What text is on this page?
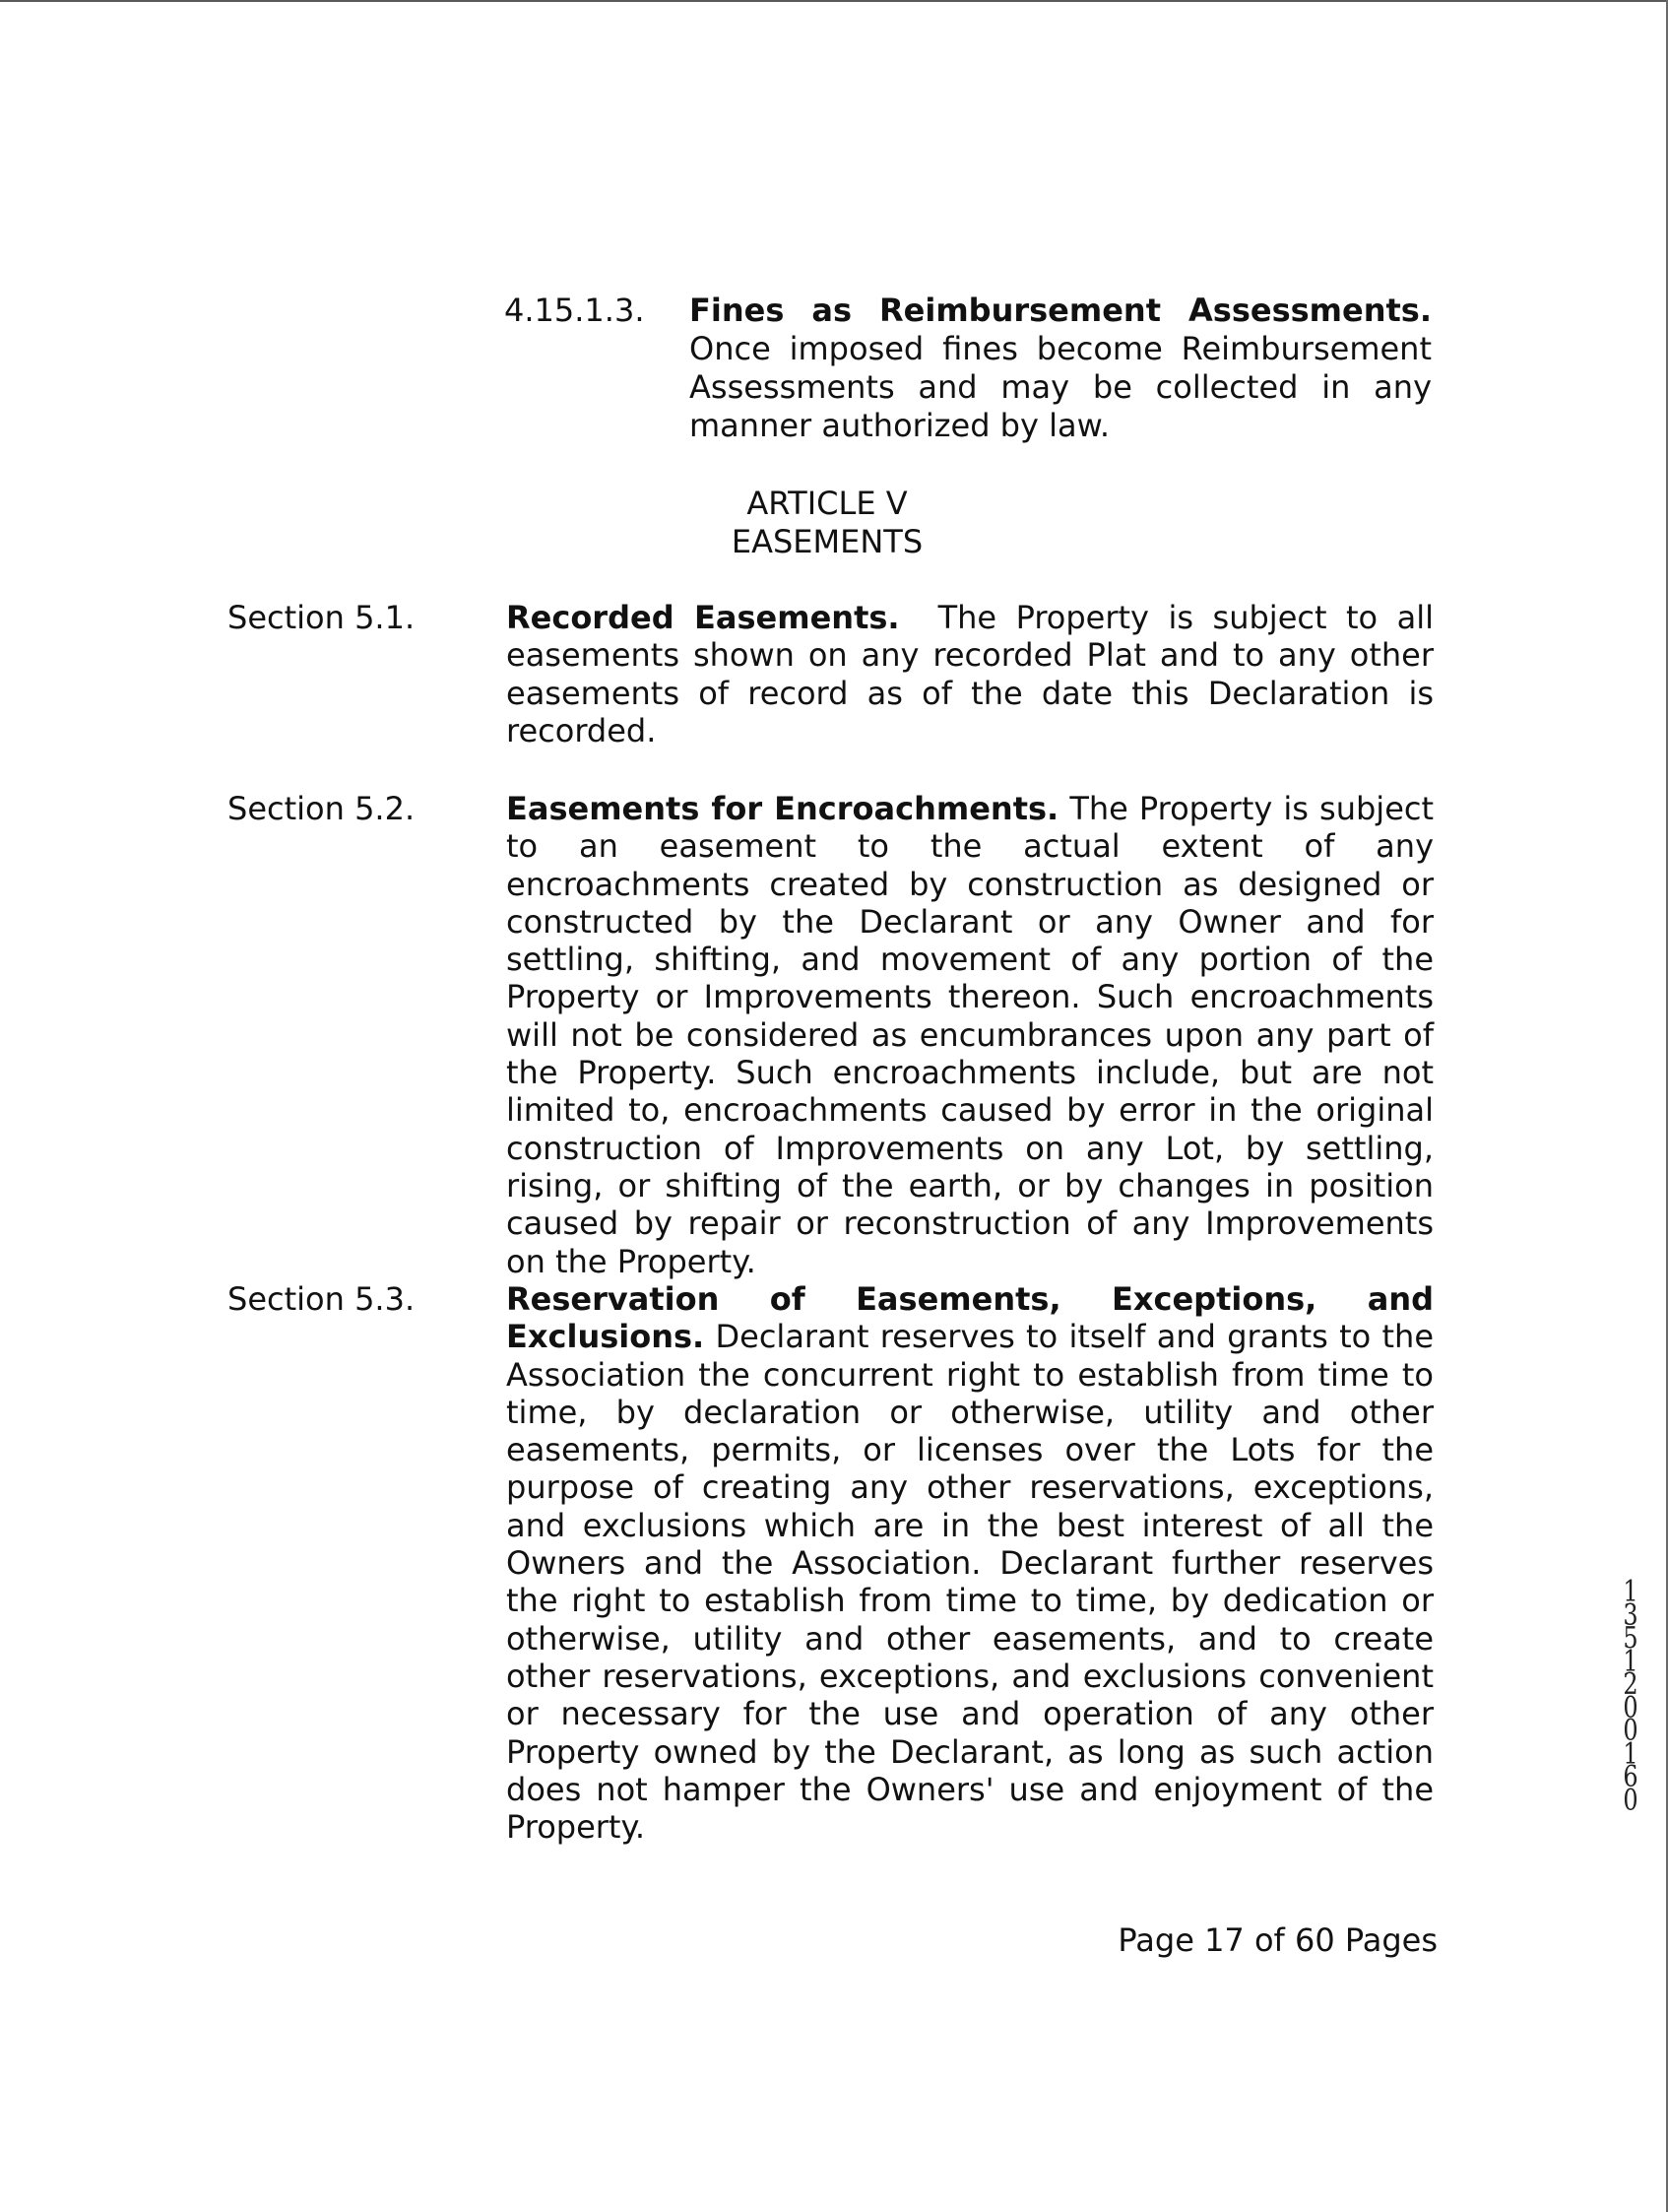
4.15.1.3. Fines as Reimbursement Assessments. Once imposed fines become Reimbursement Assessments and may be collected in any manner authorized by law.

ARTICLE V
EASEMENTS
Section 5.1.	Recorded Easements. The Property is subject to all easements shown on any recorded Plat and to any other easements of record as of the date this Declaration is recorded.

Section 5.2.	Easements for Encroachments. The Property is subject to an easement to the actual extent of any encroachments created by construction as designed or constructed by the Declarant or any Owner and for settling, shifting, and movement of any portion of the Property or Improvements thereon. Such encroachments will not be considered as encumbrances upon any part of the Property. Such encroachments include, but are not limited to, encroachments caused by error in the original construction of Improvements on any Lot, by settling, rising, or shifting of the earth, or by changes in position caused by repair or reconstruction of any Improvements on the Property.

Section 5.3.	Reservation of Easements, Exceptions, and Exclusions. Declarant reserves to itself and grants to the Association the concurrent right to establish from time to time, by declaration or otherwise, utility and other easements, permits, or licenses over the Lots for the purpose of creating any other reservations, exceptions, and exclusions which are in the best interest of all the Owners and the Association. Declarant further reserves the right to establish from time to time, by dedication or otherwise, utility and other easements, and to create other reservations, exceptions, and exclusions convenient or necessary for the use and operation of any other Property owned by the Declarant, as long as such action does not hamper the Owners' use and enjoyment of the Property.

Page 17 of 60 Pages
1351200160
